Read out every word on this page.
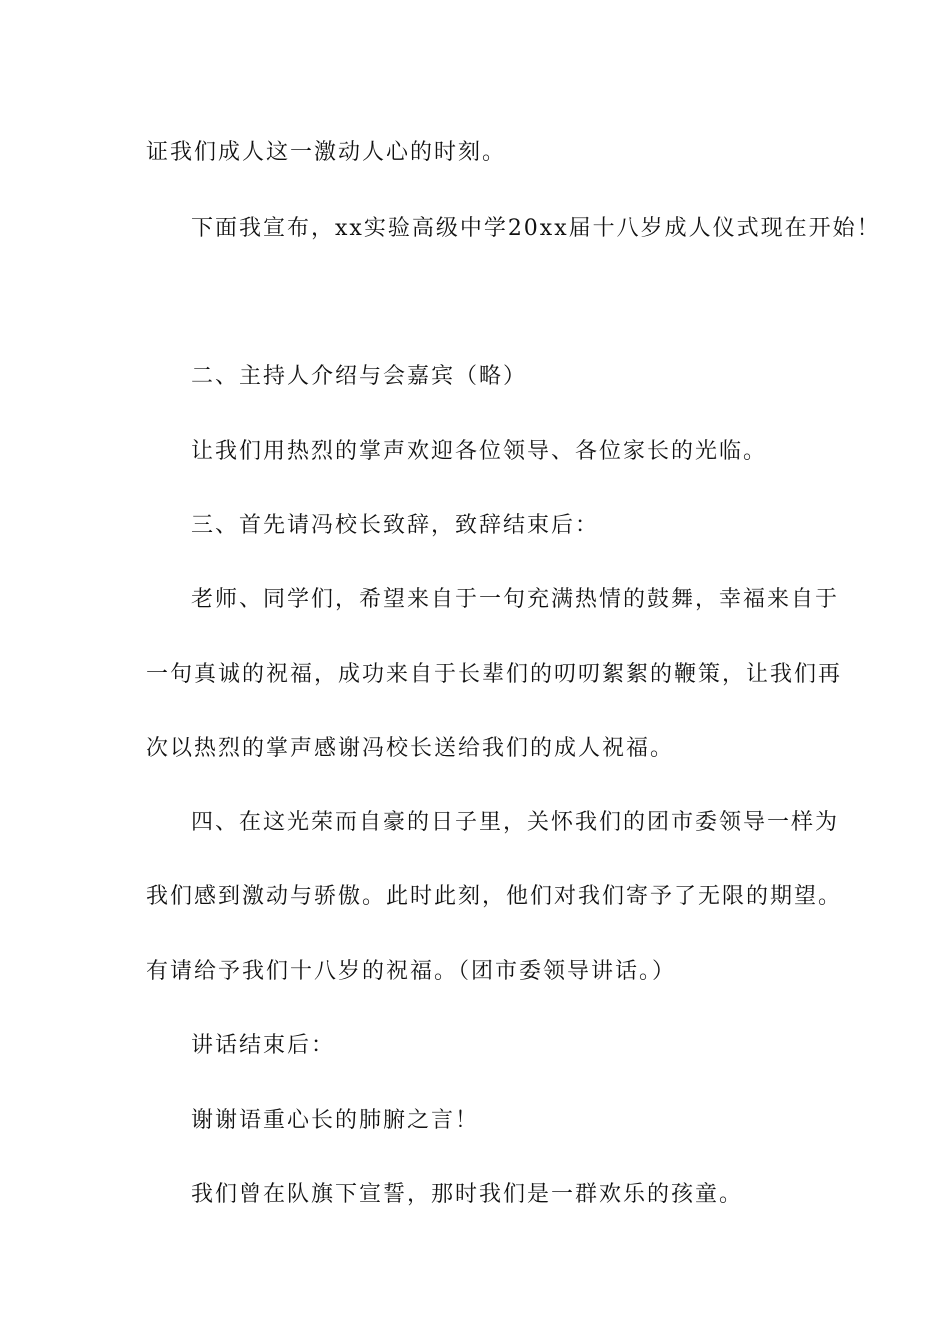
证我们成人这一激动人心的时刻。
下面我宣布，xx实验高级中学20xx届十八岁成人仪式现在开始！
二、主持人介绍与会嘉宾（略）
让我们用热烈的掌声欢迎各位领导、各位家长的光临。
三、首先请冯校长致辞，致辞结束后：
老师、同学们，希望来自于一句充满热情的鼓舞，幸福来自于
一句真诚的祝福，成功来自于长辈们的叨叨絮絮的鞭策，让我们再
次以热烈的掌声感谢冯校长送给我们的成人祝福。
四、在这光荣而自豪的日子里，关怀我们的团市委领导一样为
我们感到激动与骄傲。此时此刻，他们对我们寄予了无限的期望。
有请给予我们十八岁的祝福。（团市委领导讲话。）
讲话结束后：
谢谢语重心长的肺腑之言！
我们曾在队旗下宣誓，那时我们是一群欢乐的孩童。
